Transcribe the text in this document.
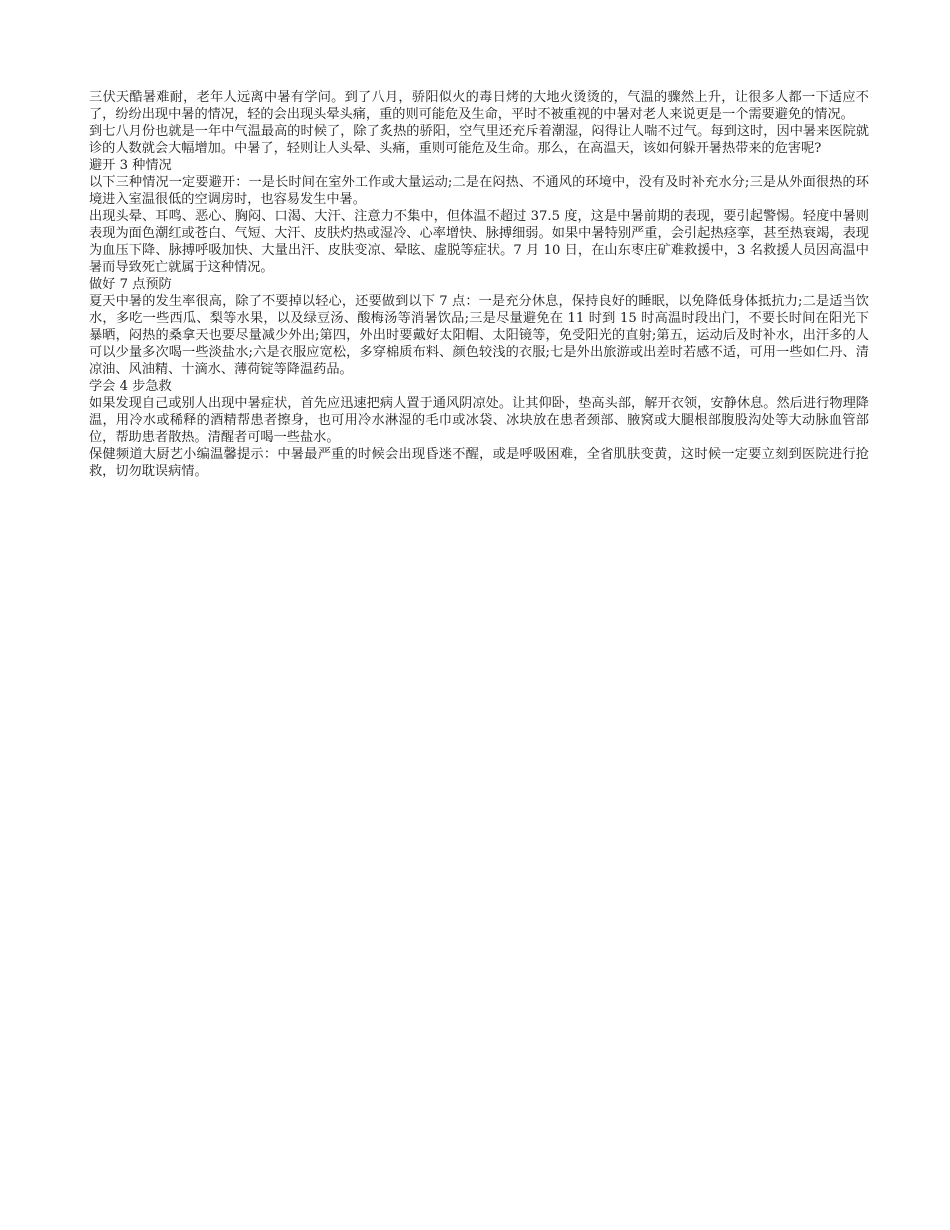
三伏天酷暑难耐，老年人远离中暑有学问。到了八月，骄阳似火的毒日烤的大地火烫烫的，气温的骤然上升，让很多人都一下适应不了，纷纷出现中暑的情况，轻的会出现头晕头痛，重的则可能危及生命，平时不被重视的中暑对老人来说更是一个需要避免的情况。

到七八月份也就是一年中气温最高的时候了，除了炙热的骄阳，空气里还充斥着潮湿，闷得让人喘不过气。每到这时，因中暑来医院就诊的人数就会大幅增加。中暑了，轻则让人头晕、头痛，重则可能危及生命。那么，在高温天，该如何躲开暑热带来的危害呢?

避开 3 种情况

以下三种情况一定要避开：一是长时间在室外工作或大量运动;二是在闷热、不通风的环境中，没有及时补充水分;三是从外面很热的环境进入室温很低的空调房时，也容易发生中暑。

出现头晕、耳鸣、恶心、胸闷、口渴、大汗、注意力不集中，但体温不超过 37.5 度，这是中暑前期的表现，要引起警惕。轻度中暑则表现为面色潮红或苍白、气短、大汗、皮肤灼热或湿冷、心率增快、脉搏细弱。如果中暑特别严重，会引起热痉挛，甚至热衰竭，表现为血压下降、脉搏呼吸加快、大量出汗、皮肤变凉、晕眩、虚脱等症状。7 月 10 日，在山东枣庄矿难救援中，3 名救援人员因高温中暑而导致死亡就属于这种情况。

做好 7 点预防

夏天中暑的发生率很高，除了不要掉以轻心，还要做到以下 7 点：一是充分休息，保持良好的睡眠，以免降低身体抵抗力;二是适当饮水，多吃一些西瓜、梨等水果，以及绿豆汤、酸梅汤等消暑饮品;三是尽量避免在 11 时到 15 时高温时段出门，不要长时间在阳光下暴晒，闷热的桑拿天也要尽量减少外出;第四，外出时要戴好太阳帽、太阳镜等，免受阳光的直射;第五，运动后及时补水，出汗多的人可以少量多次喝一些淡盐水;六是衣服应宽松，多穿棉质布料、颜色较浅的衣服;七是外出旅游或出差时若感不适，可用一些如仁丹、清凉油、风油精、十滴水、薄荷锭等降温药品。

学会 4 步急救

如果发现自己或别人出现中暑症状，首先应迅速把病人置于通风阴凉处。让其仰卧，垫高头部，解开衣领，安静休息。然后进行物理降温，用冷水或稀释的酒精帮患者擦身，也可用冷水淋湿的毛巾或冰袋、冰块放在患者颈部、腋窝或大腿根部腹股沟处等大动脉血管部位，帮助患者散热。清醒者可喝一些盐水。

保健频道大厨艺小编温馨提示：中暑最严重的时候会出现昏迷不醒，或是呼吸困难，全省肌肤变黄，这时候一定要立刻到医院进行抢救，切勿耽误病情。
